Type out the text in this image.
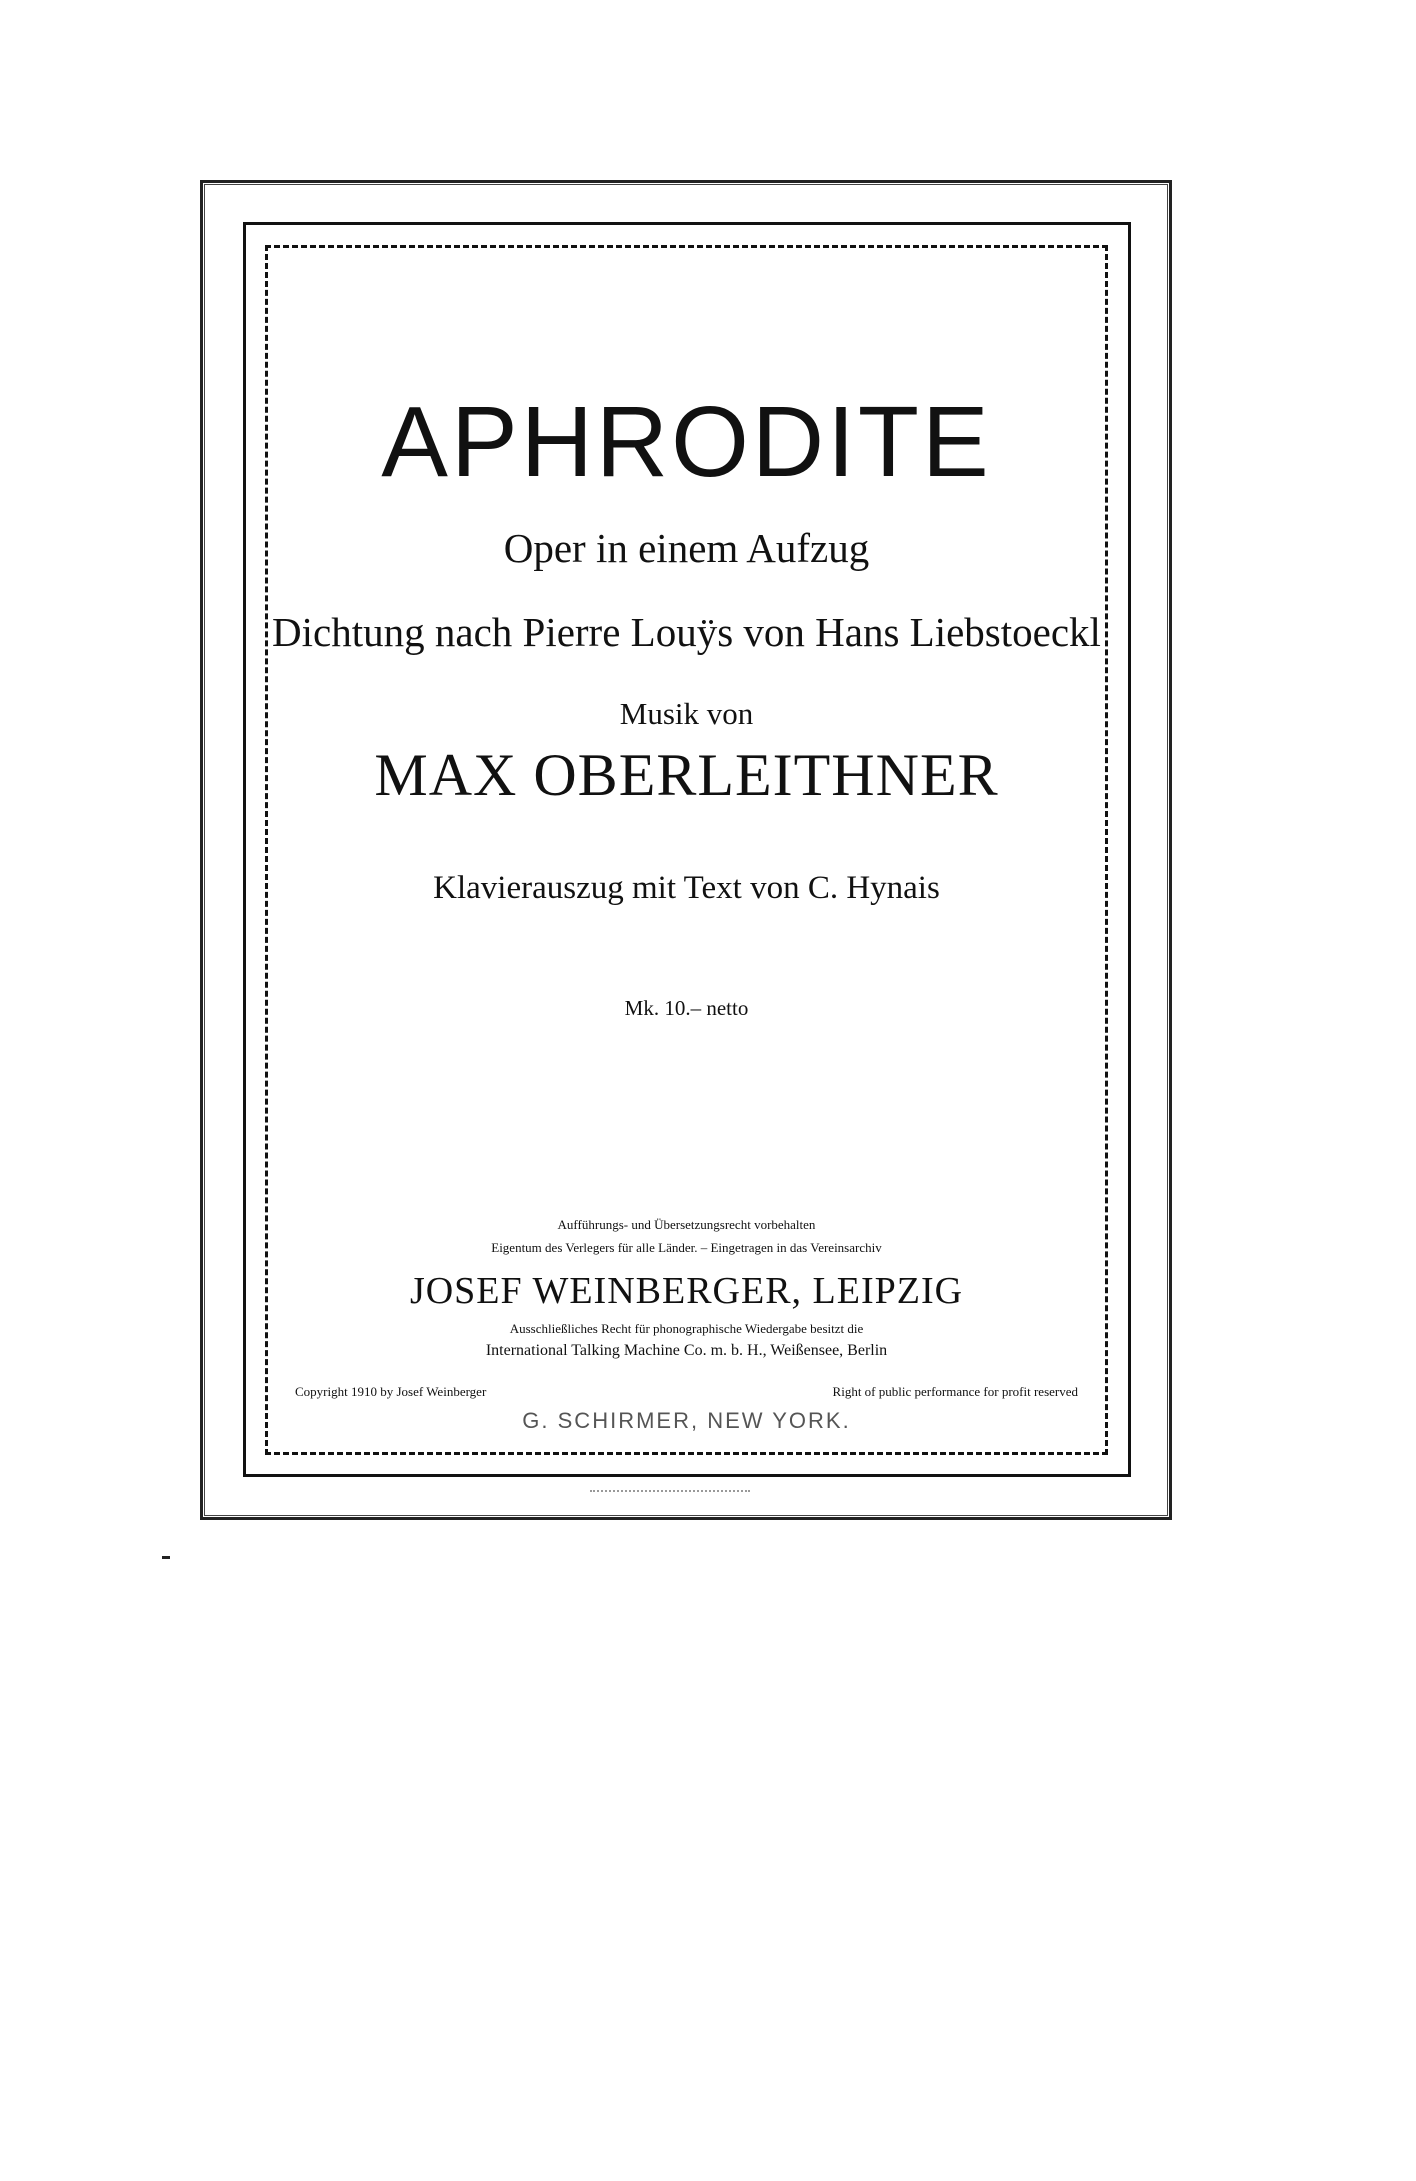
APHRODITE
Oper in einem Aufzug
Dichtung nach Pierre Louÿs von Hans Liebstoeckl
Musik von
MAX OBERLEITHNER
Klavierauszug mit Text von C. Hynais
Mk. 10.– netto
Aufführungs- und Übersetzungsrecht vorbehalten
Eigentum des Verlegers für alle Länder. – Eingetragen in das Vereinsarchiv
JOSEF WEINBERGER, LEIPZIG
Ausschließliches Recht für phonographische Wiedergabe besitzt die
International Talking Machine Co. m. b. H., Weißensee, Berlin
Copyright 1910 by Josef Weinberger	Right of public performance for profit reserved
G. SCHIRMER, NEW YORK.
